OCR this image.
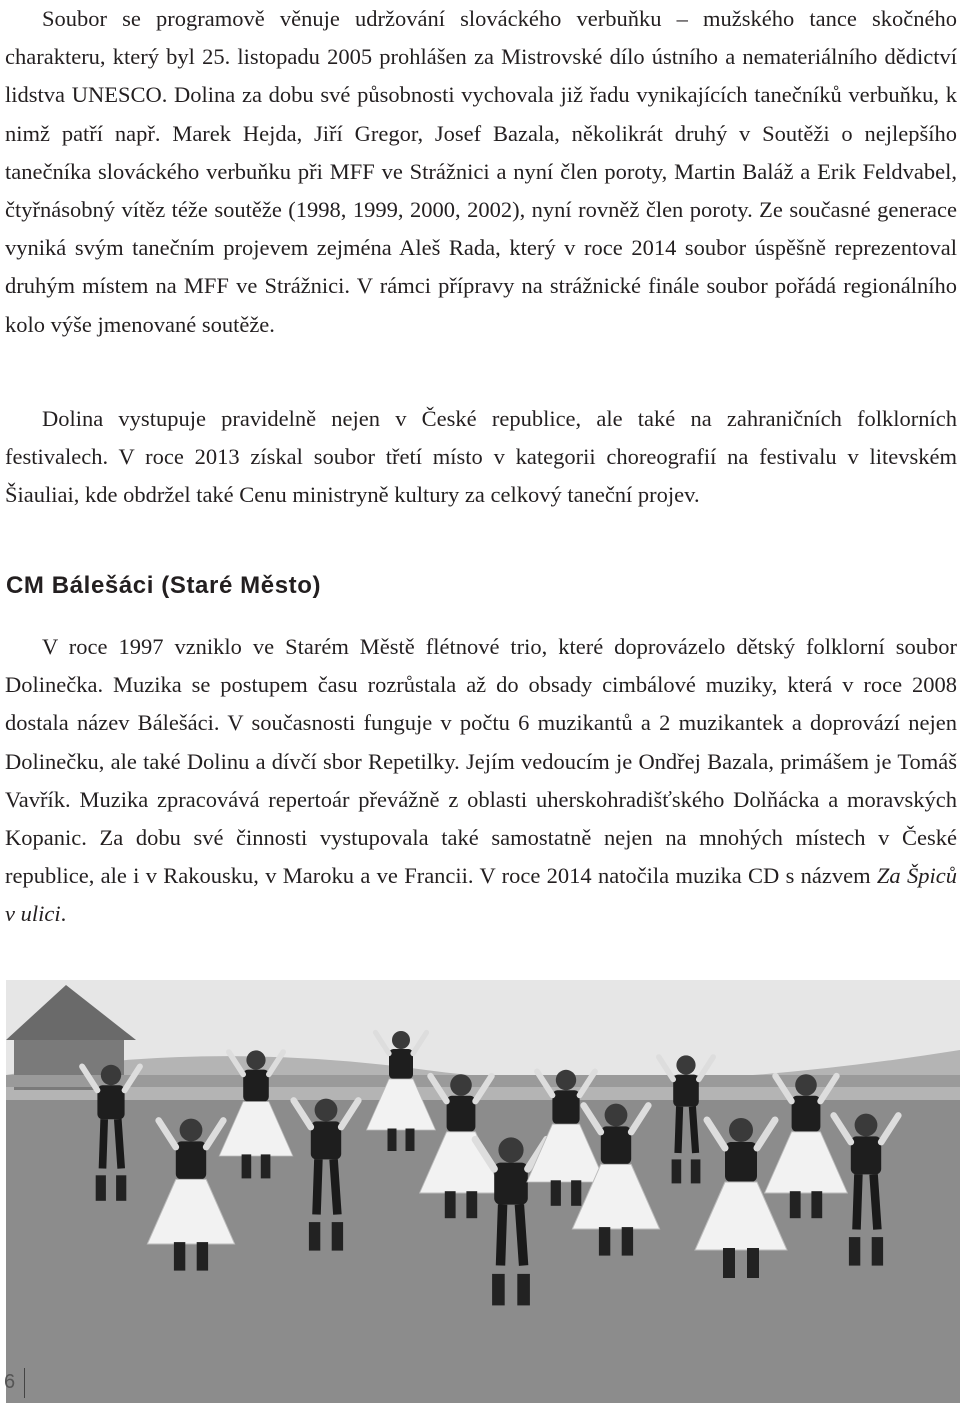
Soubor se programově věnuje udržování slováckého verbuňku – mužského tance skočného charakteru, který byl 25. listopadu 2005 prohlášen za Mistrovské dílo ústního a nemateriálního dědictví lidstva UNESCO. Dolina za dobu své působnosti vychovala již řadu vynikajících tanečníků verbuňku, k nimž patří např. Marek Hejda, Jiří Gregor, Josef Bazala, několikrát druhý v Soutěži o nejlepšího tanečníka slováckého verbuňku při MFF ve Strážnici a nyní člen poroty, Martin Baláž a Erik Feldvabel, čtyřnásobný vítěz téže soutěže (1998, 1999, 2000, 2002), nyní rovněž člen poroty. Ze současné generace vyniká svým tanečním projevem zejména Aleš Rada, který v roce 2014 soubor úspěšně reprezentoval druhým místem na MFF ve Strážnici. V rámci přípravy na strážnické finále soubor pořádá regionálního kolo výše jmenované soutěže.

Dolina vystupuje pravidelně nejen v České republice, ale také na zahraničních folklorních festivalech. V roce 2013 získal soubor třetí místo v kategorii choreografií na festivalu v litevském Šiauliai, kde obdržel také Cenu ministryně kultury za celkový taneční projev.

CM Bálešáci (Staré Město)

V roce 1997 vzniklo ve Starém Městě flétnové trio, které doprovázelo dětský folklorní soubor Dolinečka. Muzika se postupem času rozrůstala až do obsady cimbálové muziky, která v roce 2008 dostala název Bálešáci. V současnosti funguje v počtu 6 muzikantů a 2 muzikantek a doprovází nejen Dolinečku, ale také Dolinu a dívčí sbor Repetilky. Jejím vedoucím je Ondřej Bazala, primášem je Tomáš Vavřík. Muzika zpracovává repertoár převážně z oblasti uherskohradišťského Dolňácka a moravských Kopanic. Za dobu své činnosti vystupovala také samostatně nejen na mnohých místech v České republice, ale i v Rakousku, v Maroku a ve Francii. V roce 2014 natočila muzika CD s názvem Za Špiců v ulici.

6
